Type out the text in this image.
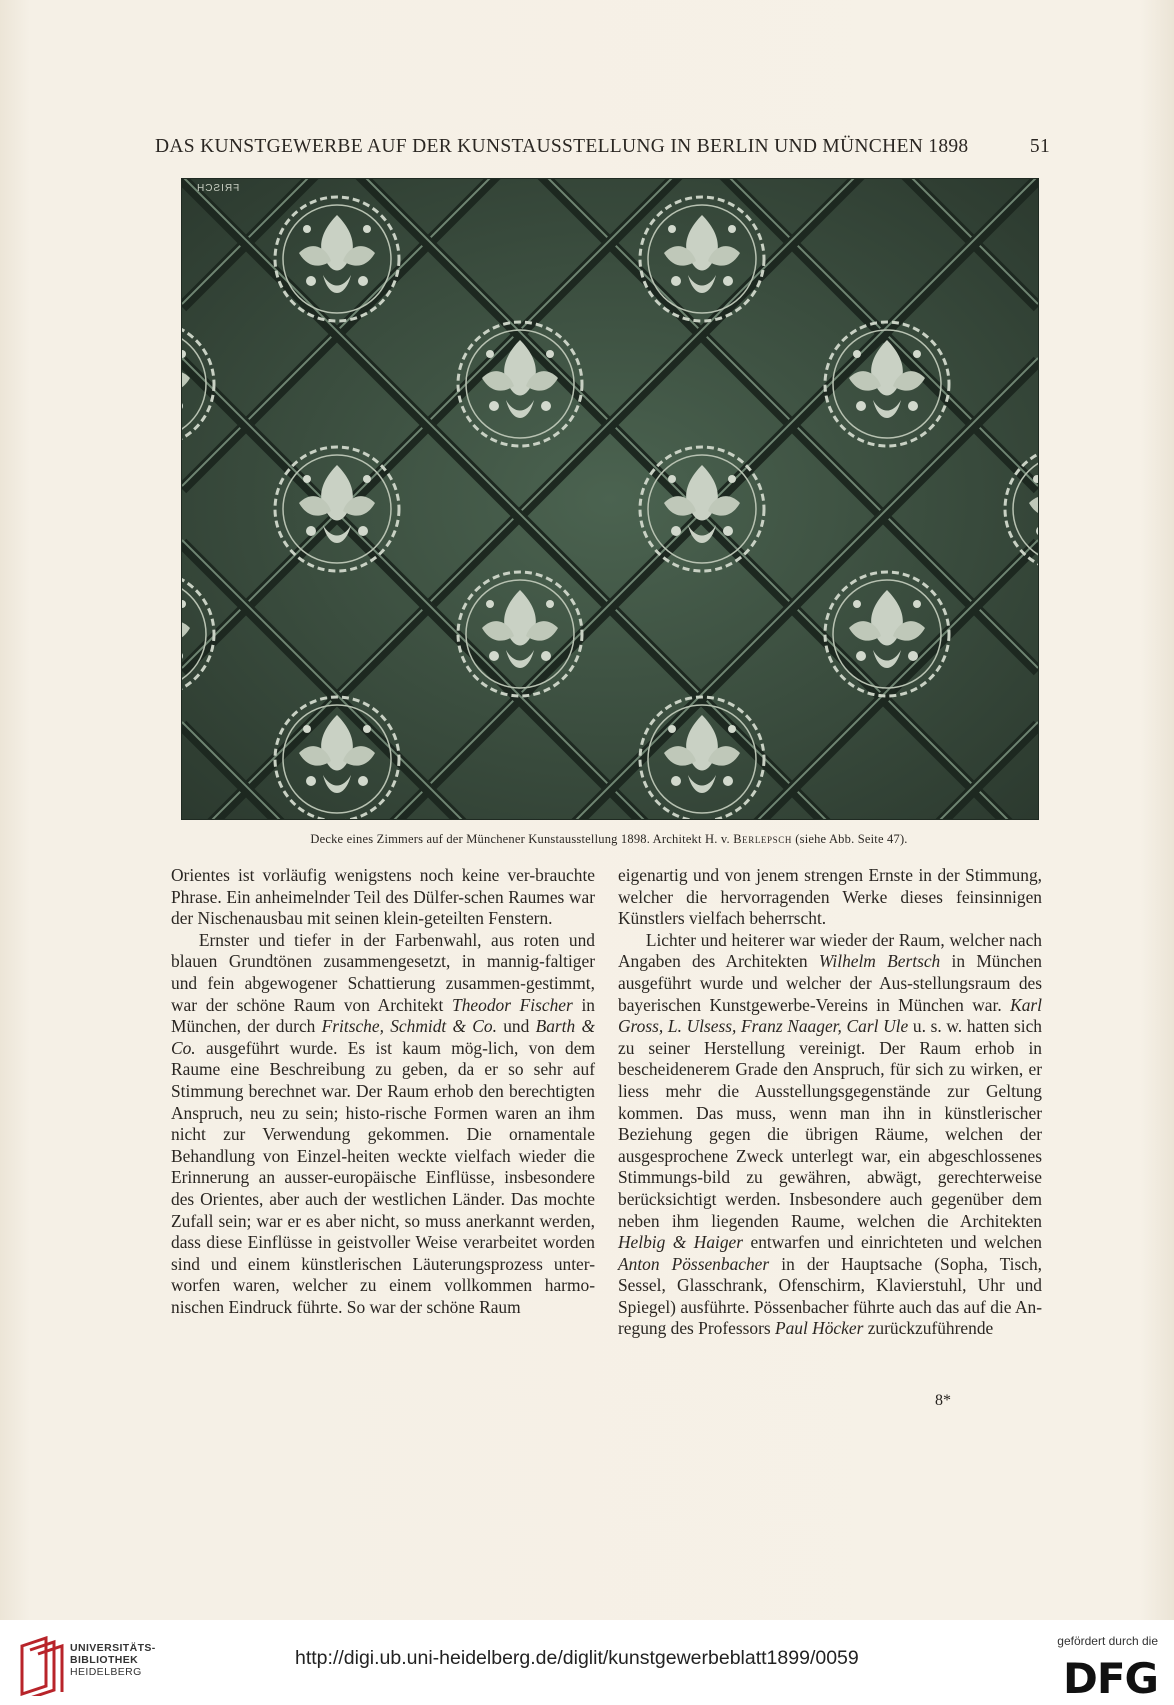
DAS KUNSTGEWERBE AUF DER KUNSTAUSSTELLUNG IN BERLIN UND MÜNCHEN 1898	51
FRISCH
Decke eines Zimmers auf der Münchener Kunstausstellung 1898. Architekt H. v. Berlepsch (siehe Abb. Seite 47).

Orientes ist vorläufig wenigstens noch keine ver-brauchte Phrase. Ein anheimelnder Teil des Dülfer-schen Raumes war der Nischenausbau mit seinen klein-geteilten Fenstern.

Ernster und tiefer in der Farbenwahl, aus roten und blauen Grundtönen zusammengesetzt, in mannig-faltiger und fein abgewogener Schattierung zusammen-gestimmt, war der schöne Raum von Architekt Theodor Fischer in München, der durch Fritsche, Schmidt & Co. und Barth & Co. ausgeführt wurde. Es ist kaum mög-lich, von dem Raume eine Beschreibung zu geben, da er so sehr auf Stimmung berechnet war. Der Raum erhob den berechtigten Anspruch, neu zu sein; histo-rische Formen waren an ihm nicht zur Verwendung gekommen. Die ornamentale Behandlung von Einzel-heiten weckte vielfach wieder die Erinnerung an ausser-europäische Einflüsse, insbesondere des Orientes, aber auch der westlichen Länder. Das mochte Zufall sein; war er es aber nicht, so muss anerkannt werden, dass diese Einflüsse in geistvoller Weise verarbeitet worden sind und einem künstlerischen Läuterungsprozess unter-worfen waren, welcher zu einem vollkommen harmo-nischen Eindruck führte. So war der schöne Raum

eigenartig und von jenem strengen Ernste in der Stimmung, welcher die hervorragenden Werke dieses feinsinnigen Künstlers vielfach beherrscht.

Lichter und heiterer war wieder der Raum, welcher nach Angaben des Architekten Wilhelm Bertsch in München ausgeführt wurde und welcher der Aus-stellungsraum des bayerischen Kunstgewerbe-Vereins in München war. Karl Gross, L. Ulsess, Franz Naager, Carl Ule u. s. w. hatten sich zu seiner Herstellung vereinigt. Der Raum erhob in bescheidenerem Grade den Anspruch, für sich zu wirken, er liess mehr die Ausstellungsgegenstände zur Geltung kommen. Das muss, wenn man ihn in künstlerischer Beziehung gegen die übrigen Räume, welchen der ausgesprochene Zweck unterlegt war, ein abgeschlossenes Stimmungs-bild zu gewähren, abwägt, gerechterweise berücksichtigt werden. Insbesondere auch gegenüber dem neben ihm liegenden Raume, welchen die Architekten Helbig & Haiger entwarfen und einrichteten und welchen Anton Pössenbacher in der Hauptsache (Sopha, Tisch, Sessel, Glasschrank, Ofenschirm, Klavierstuhl, Uhr und Spiegel) ausführte. Pössenbacher führte auch das auf die An-regung des Professors Paul Höcker zurückzuführende

8*
UNIVERSITÄTS-
BIBLIOTHEK
HEIDELBERG
http://digi.ub.uni-heidelberg.de/diglit/kunstgewerbeblatt1899/0059
gefördert durch die
DFG
